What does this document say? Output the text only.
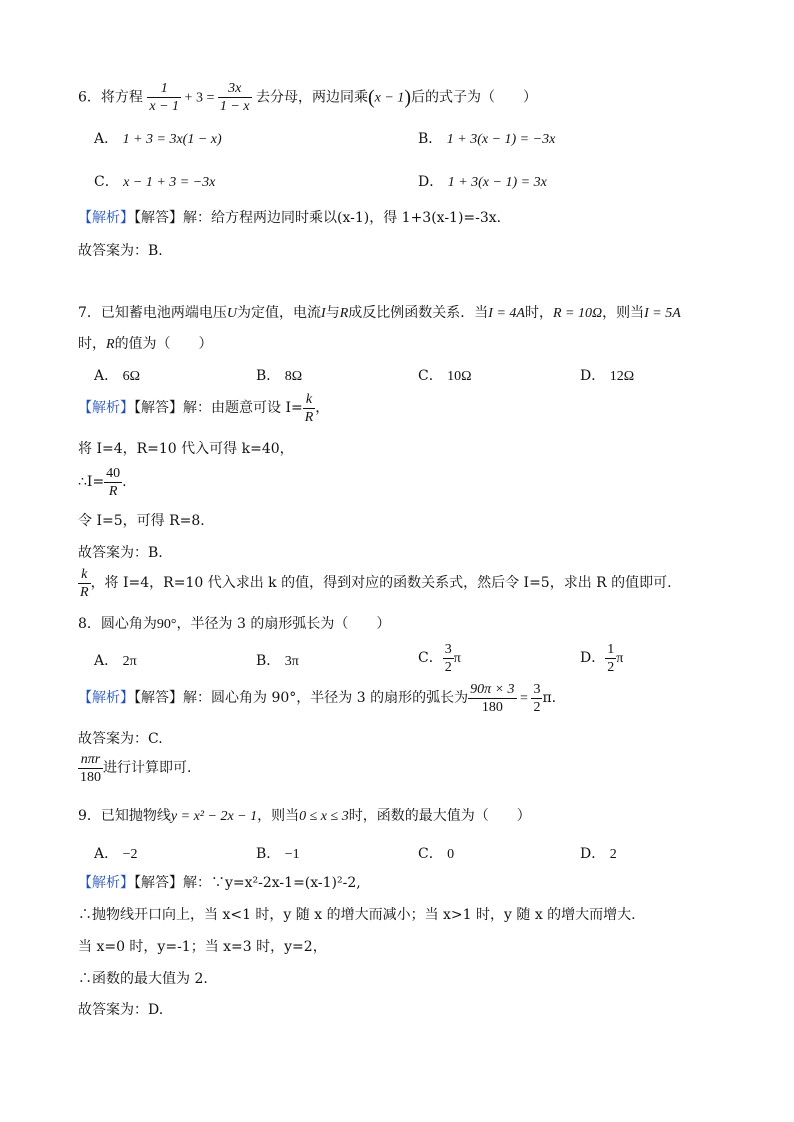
6．将方程 $\frac{1}{x - 1} + 3 = \frac{3x}{1 - x}$ 去分母，两边同乘(x − 1)后的式子为（　　）
A． 1 + 3 = 3x(1 − x)	B． 1 + 3(x − 1) = −3x
C． x − 1 + 3 = −3x	D． 1 + 3(x − 1) = 3x
【解析】【解答】解：给方程两边同时乘以(x-1)，得 1+3(x-1)=-3x.
故答案为：B.
7．已知蓄电池两端电压U为定值，电流I与R成反比例函数关系．当I = 4A时，R = 10Ω，则当I = 5A
时，R的值为（　　）
A． 6Ω	B． 8Ω	C． 10Ω	D． 12Ω
【解析】【解答】解：由题意可设 $I= \frac{k}{R}$ ，
将 I=4，R=10 代入可得 k=40，
∴I= $\frac{40}{R}$ .
令 I=5，可得 R=8.
故答案为：B.
$\frac{k}{R}$ ，将 I=4，R=10 代入求出 k 的值，得到对应的函数关系式，然后令 I=5，求出 R 的值即可.
8．圆心角为90°，半径为 3 的扇形弧长为（　　）
A． 2π	B． 3π	C． $\frac{3}{2}$ π	D． $\frac{1}{2}$ π
【解析】【解答】解：圆心角为 90°，半径为 3 的扇形的弧长为 $\frac{90\pi \times 3}{180} = \frac{3}{2} \pi$.
故答案为：C.
$\frac{\text{nπr}}{180}$ 进行计算即可.
9．已知抛物线y = x² − 2x − 1，则当0 ≤ x ≤ 3时，函数的最大值为（　　）
A． −2	B． −1	C． 0	D． 2
【解析】【解答】解：∵y=x²-2x-1=(x-1)²-2,
∴抛物线开口向上，当 x<1 时，y 随 x 的增大而减小；当 x>1 时，y 随 x 的增大而增大.
当 x=0 时，y=-1；当 x=3 时，y=2，
∴函数的最大值为 2.
故答案为：D.
